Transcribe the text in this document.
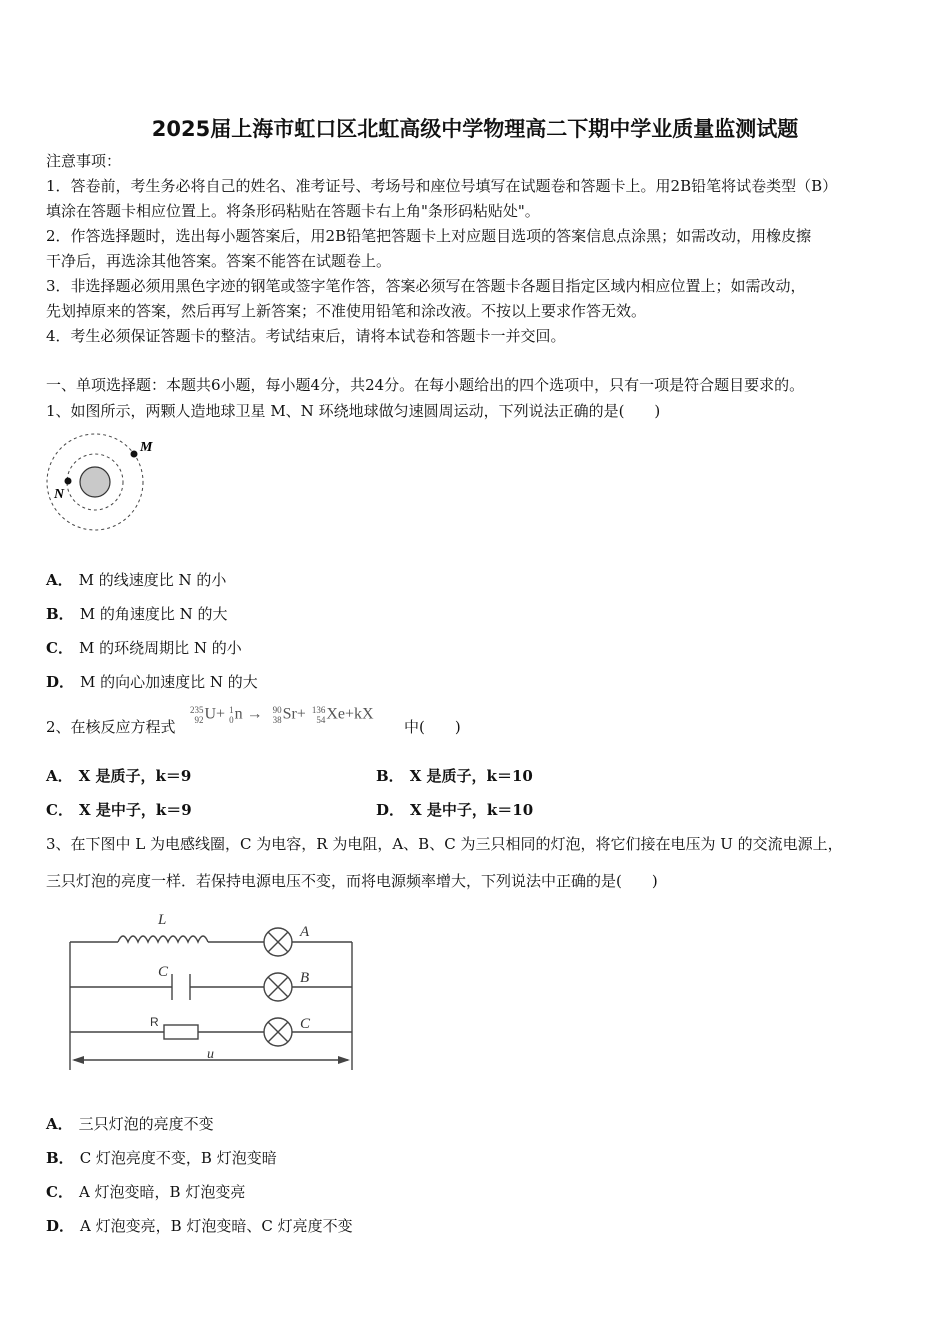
2025届上海市虹口区北虹高级中学物理高二下期中学业质量监测试题
注意事项：
1．答卷前，考生务必将自己的姓名、准考证号、考场号和座位号填写在试题卷和答题卡上。用2B铅笔将试卷类型（B）
填涂在答题卡相应位置上。将条形码粘贴在答题卡右上角"条形码粘贴处"。
2．作答选择题时，选出每小题答案后，用2B铅笔把答题卡上对应题目选项的答案信息点涂黑；如需改动，用橡皮擦
干净后，再选涂其他答案。答案不能答在试题卷上。
3．非选择题必须用黑色字迹的钢笔或签字笔作答，答案必须写在答题卡各题目指定区域内相应位置上；如需改动，
先划掉原来的答案，然后再写上新答案；不准使用铅笔和涂改液。不按以上要求作答无效。
4．考生必须保证答题卡的整洁。考试结束后，请将本试卷和答题卡一并交回。
一、单项选择题：本题共6小题，每小题4分，共24分。在每小题给出的四个选项中，只有一项是符合题目要求的。
1、如图所示，两颗人造地球卫星 M、N 环绕地球做匀速圆周运动，下列说法正确的是(　　)
M
N
A． M 的线速度比 N 的小
B． M 的角速度比 N 的大
C． M 的环绕周期比 N 的小
D． M 的向心加速度比 N 的大
2、在核反应方程式
235
92 U+ 1
0 n → 90
38 Sr+ 136
54 Xe+kX
中(　　)
A． X 是质子，k＝9	B． X 是质子，k＝10
C． X 是中子，k＝9	D． X 是中子，k＝10
3、在下图中 L 为电感线圈，C 为电容，R 为电阻，A、B、C 为三只相同的灯泡，将它们接在电压为 U 的交流电源上，
三只灯泡的亮度一样．若保持电源电压不变，而将电源频率增大，下列说法中正确的是(　　)
L
C
A
B
C
u
R
A． 三只灯泡的亮度不变
B． C 灯泡亮度不变，B 灯泡变暗
C． A 灯泡变暗，B 灯泡变亮
D． A 灯泡变亮，B 灯泡变暗、C 灯亮度不变
